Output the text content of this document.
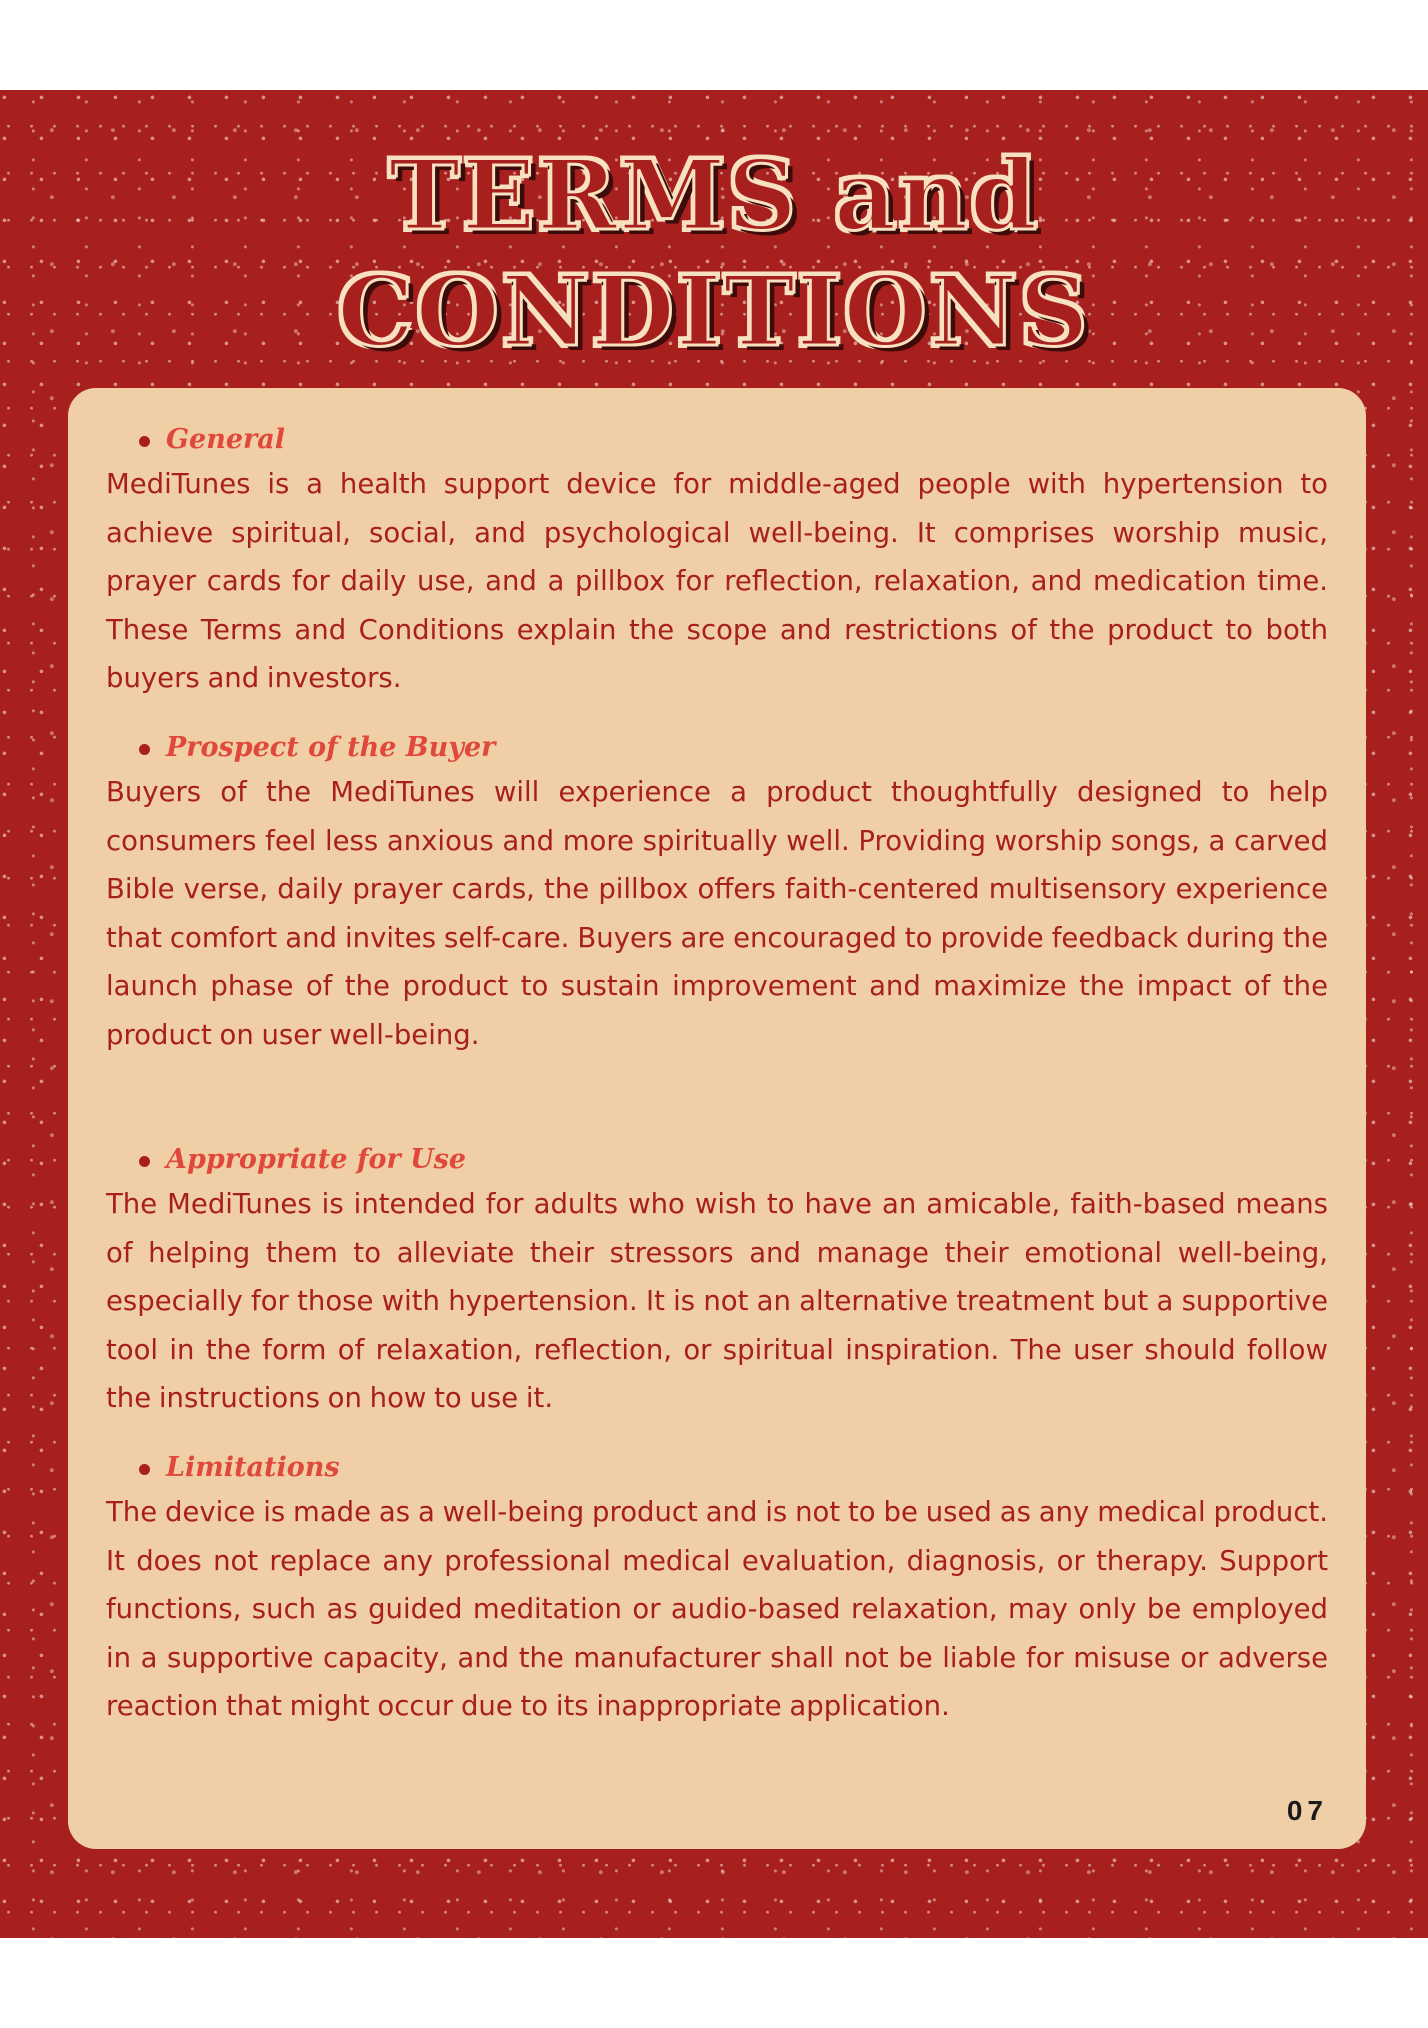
TERMS and
CONDITIONS

General

MediTunes is a health support device for middle-aged people with hypertension to achieve spiritual, social, and psychological well-being. It comprises worship music, prayer cards for daily use, and a pillbox for reflection, relaxation, and medication time. These Terms and Conditions explain the scope and restrictions of the product to both buyers and investors.

Prospect of the Buyer

Buyers of the MediTunes will experience a product thoughtfully designed to help consumers feel less anxious and more spiritually well. Providing worship songs, a carved Bible verse, daily prayer cards, the pillbox offers faith-centered multisensory experience that comfort and invites self-care. Buyers are encouraged to provide feedback during the launch phase of the product to sustain improvement and maximize the impact of the product on user well-being.

Appropriate for Use

The MediTunes is intended for adults who wish to have an amicable, faith-based means of helping them to alleviate their stressors and manage their emotional well-being, especially for those with hypertension. It is not an alternative treatment but a supportive tool in the form of relaxation, reflection, or spiritual inspiration. The user should follow the instructions on how to use it.

Limitations

The device is made as a well-being product and is not to be used as any medical product. It does not replace any professional medical evaluation, diagnosis, or therapy. Support functions, such as guided meditation or audio-based relaxation, may only be employed in a supportive capacity, and the manufacturer shall not be liable for misuse or adverse reaction that might occur due to its inappropriate application.

07
